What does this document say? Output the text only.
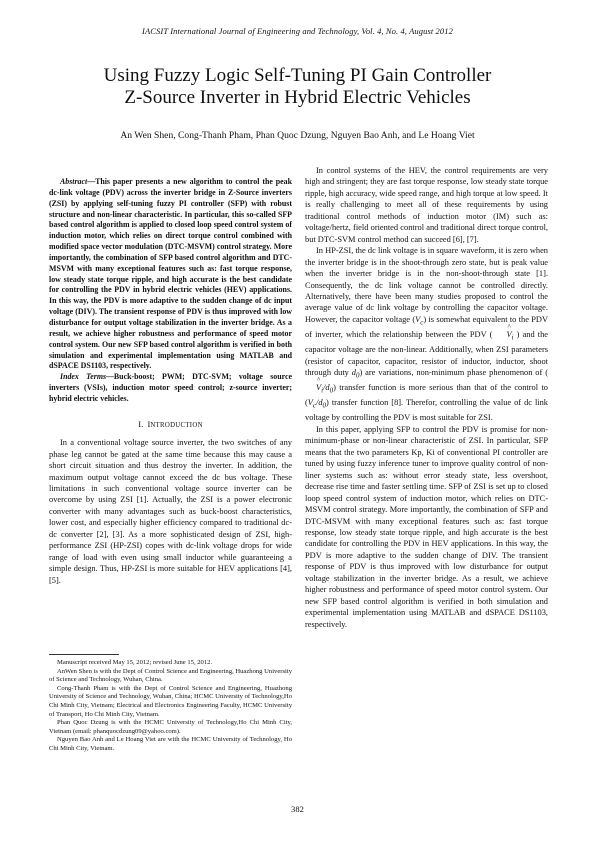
IACSIT International Journal of Engineering and Technology, Vol. 4, No. 4, August 2012
Using Fuzzy Logic Self-Tuning PI Gain Controller
Z-Source Inverter in Hybrid Electric Vehicles
An Wen Shen, Cong-Thanh Pham, Phan Quoc Dzung, Nguyen Bao Anh, and Le Hoang Viet

Abstract—This paper presents a new algorithm to control the peak dc-link voltage (PDV) across the inverter bridge in Z-Source inverters (ZSI) by applying self-tuning fuzzy PI controller (SFP) with robust structure and non-linear characteristic. In particular, this so-called SFP based control algorithm is applied to closed loop speed control system of induction motor, which relies on direct torque control combined with modified space vector modulation (DTC-MSVM) control strategy. More importantly, the combination of SFP based control algorithm and DTC-MSVM with many exceptional features such as: fast torque response, low steady state torque ripple, and high accurate is the best candidate for controlling the PDV in hybrid electric vehicles (HEV) applications. In this way, the PDV is more adaptive to the sudden change of dc input voltage (DIV). The transient response of PDV is thus improved with low disturbance for output voltage stabilization in the inverter bridge. As a result, we achieve higher robustness and performance of speed motor control system. Our new SFP based control algorithm is verified in both simulation and experimental implementation using MATLAB and dSPACE DS1103, respectively.

Index Terms—Buck-boost; PWM; DTC-SVM; voltage source inverters (VSIs), induction motor speed control; z-source inverter; hybrid electric vehicles.

I. INTRODUCTION

In a conventional voltage source inverter, the two switches of any phase leg cannot be gated at the same time because this may cause a short circuit situation and thus destroy the inverter. In addition, the maximum output voltage cannot exceed the dc bus voltage. These limitations in such conventional voltage source inverter can be overcome by using ZSI [1]. Actually, the ZSI is a power electronic converter with many advantages such as buck-boost characteristics, lower cost, and especially higher efficiency compared to traditional dc-dc converter [2], [3]. As a more sophisticated design of ZSI, high-performance ZSI (HP-ZSI) copes with dc-link voltage drops for wide range of load with even using small inductor while guaranteeing a simple design. Thus, HP-ZSI is more suitable for HEV applications [4], [5].

Manuscript received May 15, 2012; revised June 15, 2012.

AnWen Shen is with the Dept of Control Science and Engineering, Huazhong University of Science and Technology, Wuhan, China.

Cong-Thanh Pham is with the Dept of Control Science and Engineering, Huazhong University of Science and Technology, Wuhan, China; HCMC University of Technology,Ho Chi Minh City, Vietnam; Electrical and Electronics Engineering Faculty, HCMC University of Transport, Ho Chi Minh City, Vietnam.

Phan Quoc Dzung is with the HCMC University of Technology,Ho Chi Minh City, Vietnam (email: phanquocdzung09@yahoo.com).

Nguyen Bao Anh and Le Hoang Viet are with the HCMC University of Technology, Ho Chi Minh City, Vietnam.

In control systems of the HEV, the control requirements are very high and stringent; they are fast torque response, low steady state torque ripple, high accuracy, wide speed range, and high torque at low speed. It is really challenging to meet all of these requirements by using traditional control methods of induction motor (IM) such as: voltage/hertz, field oriented control and traditional direct torque control, but DTC-SVM control method can succeed [6], [7].

In HP-ZSI, the dc link voltage is in square waveform, it is zero when the inverter bridge is in the shoot-through zero state, but is peak value when the inverter bridge is in the non-shoot-through state [1]. Consequently, the dc link voltage cannot be controlled directly. Alternatively, there have been many studies proposed to control the average value of dc link voltage by controlling the capacitor voltage. However, the capacitor voltage $(V_c)$ is somewhat equivalent to the PDV of inverter, which the relationship between the PDV ( ^ $V_i$ ) and the capacitor voltage are the non-linear. Additionally, when ZSI parameters (resistor of capacitor, capacitor, resistor of inductor, inductor, shoot through duty $d_0$) are variations, non-minimum phase phenomenon of (^ $V_i/d_0$) transfer function is more serious than that of the control to $(V_c/d_0)$ transfer function [8]. Therefor, controlling the value of dc link voltage by controlling the PDV is most suitable for ZSI.

In this paper, applying SFP to control the PDV is promise for non-minimum-phase or non-linear characteristic of ZSI. In particular, SFP means that the two parameters Kp, Ki of conventional PI controller are tuned by using fuzzy inference tuner to improve quality control of non-liner systems such as: without error steady state, less overshoot, decrease rise time and faster settling time. SFP of ZSI is set up to closed loop speed control system of induction motor, which relies on DTC-MSVM control strategy. More importantly, the combination of SFP and DTC-MSVM with many exceptional features such as: fast torque response, low steady state torque ripple, and high accurate is the best candidate for controlling the PDV in HEV applications. In this way, the PDV is more adaptive to the sudden change of DIV. The transient response of PDV is thus improved with low disturbance for output voltage stabilization in the inverter bridge. As a result, we achieve higher robustness and performance of speed motor control system. Our new SFP based control algorithm is verified in both simulation and experimental implementation using MATLAB and dSPACE DS1103, respectively.

382
